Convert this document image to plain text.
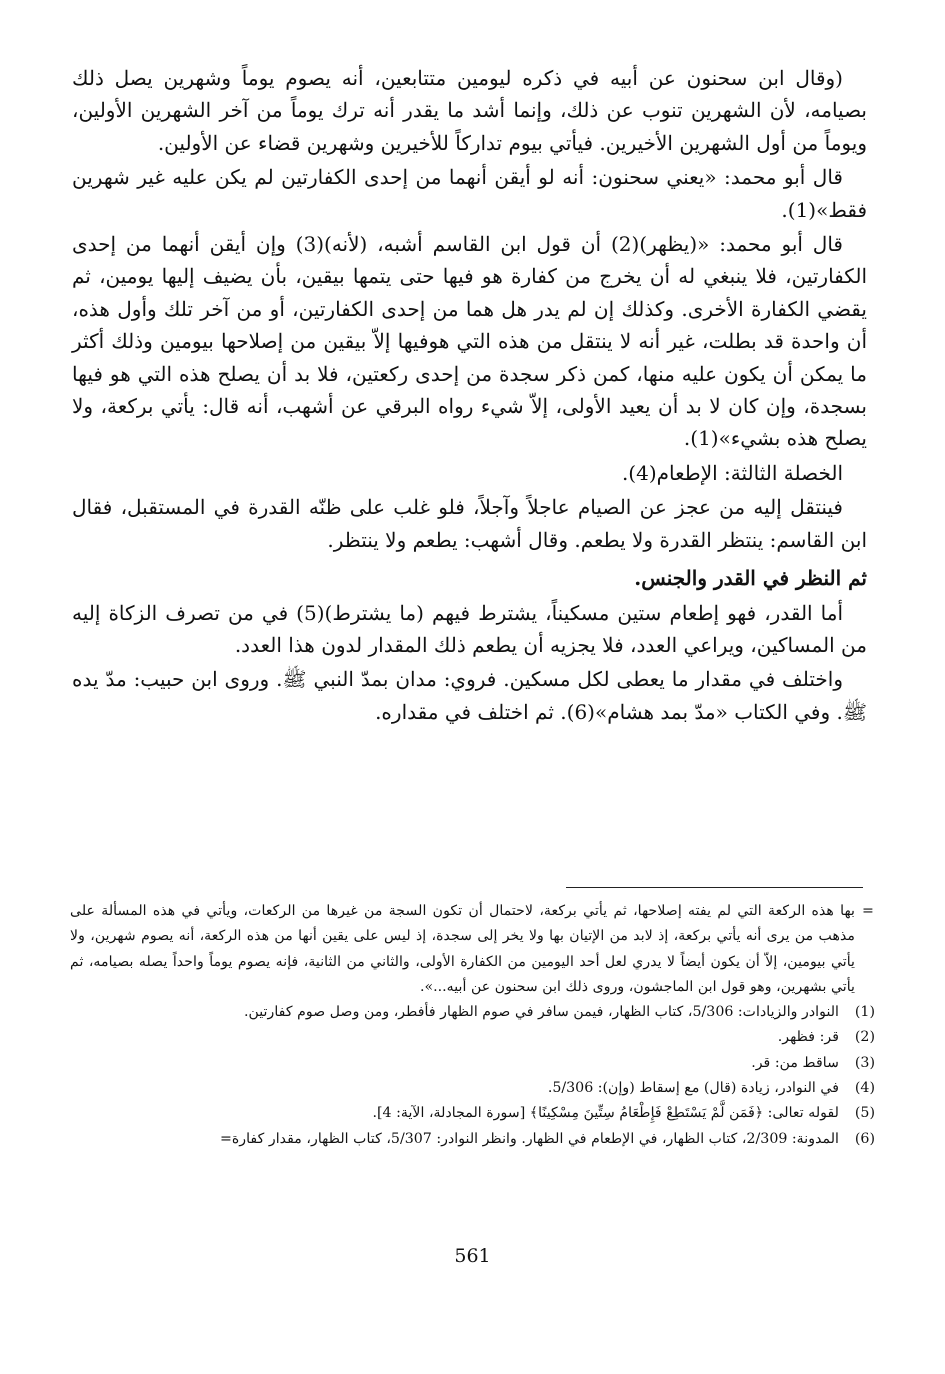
(وقال ابن سحنون عن أبيه في ذكره ليومين متتابعين، أنه يصوم يوماً وشهرين يصل ذلك بصيامه، لأن الشهرين تنوب عن ذلك، وإنما أشد ما يقدر أنه ترك يوماً من آخر الشهرين الأولين، ويوماً من أول الشهرين الأخيرين. فيأتي بيوم تداركاً للأخيرين وشهرين قضاء عن الأولين.

قال أبو محمد: «يعني سحنون: أنه لو أيقن أنهما من إحدى الكفارتين لم يكن عليه غير شهرين فقط»(1).

قال أبو محمد: «(يظهر)(2) أن قول ابن القاسم أشبه، (لأنه)(3) وإن أيقن أنهما من إحدى الكفارتين، فلا ينبغي له أن يخرج من كفارة هو فيها حتى يتمها بيقين، بأن يضيف إليها يومين، ثم يقضي الكفارة الأخرى. وكذلك إن لم يدر هل هما من إحدى الكفارتين، أو من آخر تلك وأول هذه، أن واحدة قد بطلت، غير أنه لا ينتقل من هذه التي هوفيها إلاّ بيقين من إصلاحها بيومين وذلك أكثر ما يمكن أن يكون عليه منها، كمن ذكر سجدة من إحدى ركعتين، فلا بد أن يصلح هذه التي هو فيها بسجدة، وإن كان لا بد أن يعيد الأولى، إلاّ شيء رواه البرقي عن أشهب، أنه قال: يأتي بركعة، ولا يصلح هذه بشيء»(1).

الخصلة الثالثة: الإطعام(4).

فينتقل إليه من عجز عن الصيام عاجلاً وآجلاً، فلو غلب على ظنّه القدرة في المستقبل، فقال ابن القاسم: ينتظر القدرة ولا يطعم. وقال أشهب: يطعم ولا ينتظر.

ثم النظر في القدر والجنس.

أما القدر، فهو إطعام ستين مسكيناً، يشترط فيهم (ما يشترط)(5) في من تصرف الزكاة إليه من المساكين، ويراعي العدد، فلا يجزيه أن يطعم ذلك المقدار لدون هذا العدد.

واختلف في مقدار ما يعطى لكل مسكين. فروي: مدان بمدّ النبي ﷺ. وروى ابن حبيب: مدّ يده ﷺ. وفي الكتاب «مدّ بمد هشام»(6). ثم اختلف في مقداره.

=
بها هذه الركعة التي لم يفته إصلاحها، ثم يأتي بركعة، لاحتمال أن تكون السجة من غيرها من الركعات، ويأتي في هذه المسألة على مذهب من يرى أنه يأتي بركعة، إذ لابد من الإتيان بها ولا يخر إلى سجدة، إذ ليس على يقين أنها من هذه الركعة، أنه يصوم شهرين، ولا يأتي بيومين، إلاّ أن يكون أيضاً لا يدري لعل أحد اليومين من الكفارة الأولى، والثاني من الثانية، فإنه يصوم يوماً واحداً يصله بصيامه، ثم يأتي بشهرين، وهو قول ابن الماجشون، وروى ذلك ابن سحنون عن أبيه...».
(1)
النوادر والزيادات: 5/306، كتاب الظهار، فيمن سافر في صوم الظهار فأفطر، ومن وصل صوم كفارتين.
(2)
قر: فظهر.
(3)
ساقط من: قر.
(4)
في النوادر، زيادة (قال) مع إسقاط (وإن): 5/306.
(5)
لقوله تعالى: ﴿فَمَن لَّمْ يَسْتَطِعْ فَإِطْعَامُ سِتِّينَ مِسْكِينًا﴾ [سورة المجادلة، الآية: 4].
(6)
المدونة: 2/309، كتاب الظهار، في الإطعام في الظهار. وانظر النوادر: 5/307، كتاب الظهار، مقدار كفارة=
561
